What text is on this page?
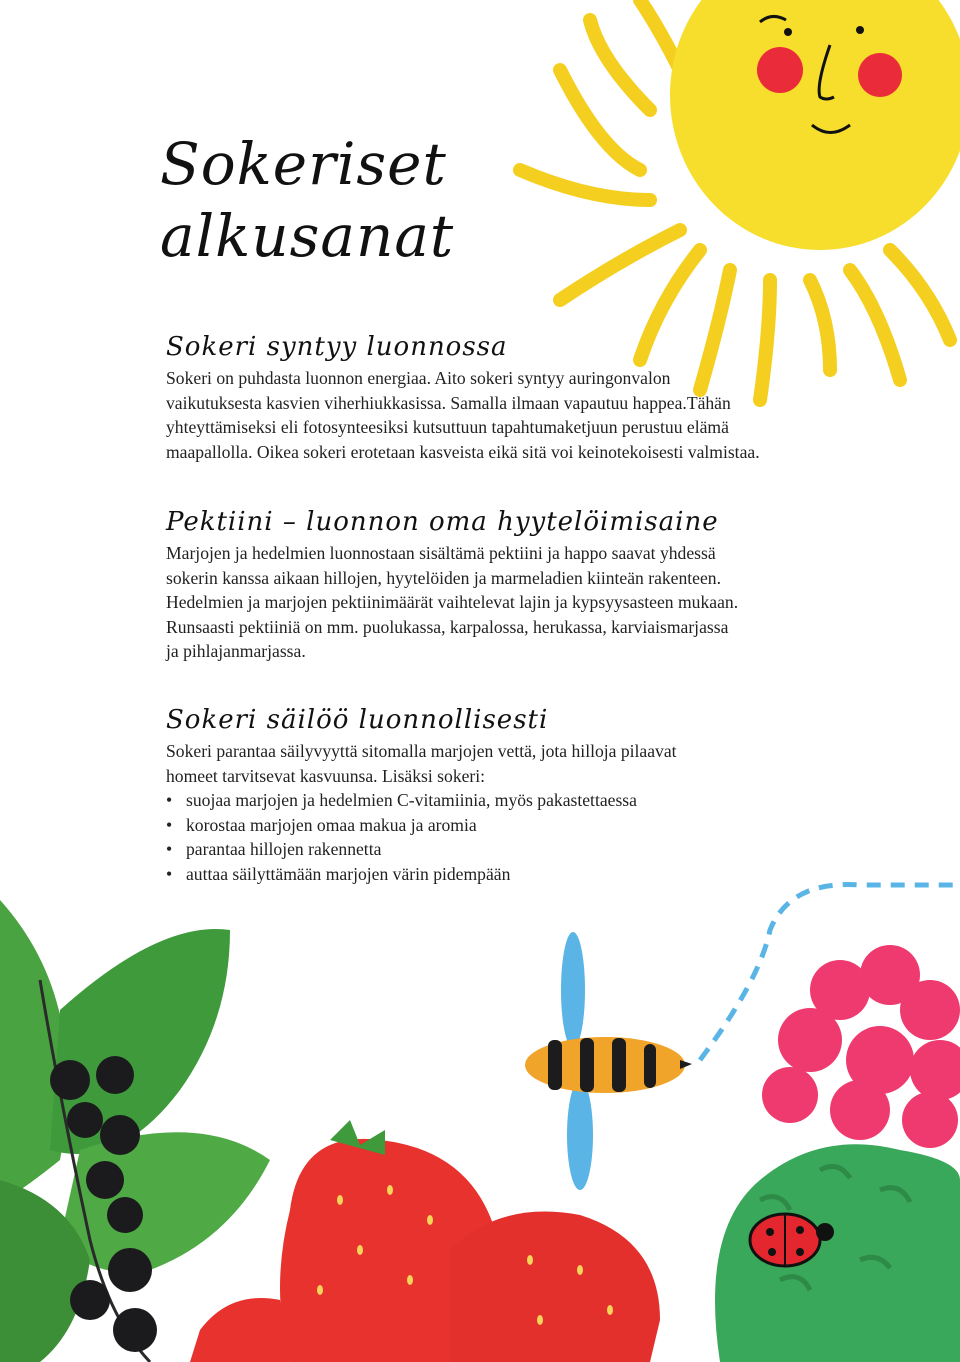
Sokeriset
alkusanat
Sokeri syntyy luonnossa

Sokeri on puhdasta luonnon energiaa. Aito sokeri syntyy auringonvalon
vaikutuksesta kasvien viherhiukkasissa. Samalla ilmaan vapautuu happea.Tähän
yhteyttämiseksi eli fotosynteesiksi kutsuttuun tapahtumaketjuun perustuu elämä
maapallolla. Oikea sokeri erotetaan kasveista eikä sitä voi keinotekoisesti valmistaa.

Pektiini – luonnon oma hyytelöimisaine

Marjojen ja hedelmien luonnostaan sisältämä pektiini ja happo saavat yhdessä
sokerin kanssa aikaan hillojen, hyytelöiden ja marmeladien kiinteän rakenteen.
Hedelmien ja marjojen pektiinimäärät vaihtelevat lajin ja kypsyysasteen mukaan.
Runsaasti pektiiniä on mm. puolukassa, karpalossa, herukassa, karviaismarjassa
ja pihlajanmarjassa.

Sokeri säilöö luonnollisesti

Sokeri parantaa säilyvyyttä sitomalla marjojen vettä, jota hilloja pilaavat
homeet tarvitsevat kasvuunsa. Lisäksi sokeri:

• suojaa marjojen ja hedelmien C-vitamiinia, myös pakastettaessa
• korostaa marjojen omaa makua ja aromia
• parantaa hillojen rakennetta
• auttaa säilyttämään marjojen värin pidempään
